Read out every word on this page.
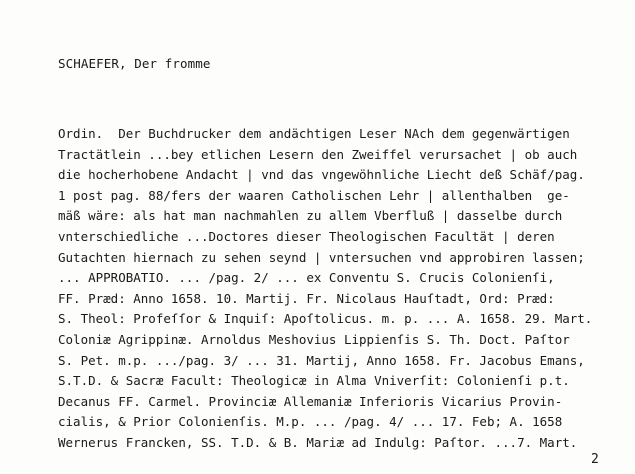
SCHAEFER, Der fromme
Ordin.  Der Buchdrucker dem andächtigen Leser NAch dem gegenwärtigen
Tractätlein ...bey etlichen Lesern den Zweiffel verursachet | ob auch
die hocherhobene Andacht | vnd das vngewöhnliche Liecht deß Schäf/pag.
1 post pag. 88/fers der waaren Catholischen Lehr | allenthalben  ge-
mäß wäre: als hat man nachmahlen zu allem Vberfluß | dasselbe durch
vnterschiedliche ...Doctores dieser Theologischen Facultät | deren
Gutachten hiernach zu sehen seynd | vntersuchen vnd approbiren lassen;
... APPROBATIO. ... /pag. 2/ ... ex Conventu S. Crucis Colonienſi,
FF. Præd: Anno 1658. 10. Martij. Fr. Nicolaus Hauſtadt, Ord: Præd:
S. Theol: Profeſſor & Inquiſ: Apoſtolicus. m. p. ... A. 1658. 29. Mart.
Coloniæ Agrippinæ. Arnoldus Meshovius Lippienſis S. Th. Doct. Paſtor
S. Pet. m.p. .../pag. 3/ ... 31. Martij, Anno 1658. Fr. Jacobus Emans,
S.T.D. & Sacræ Facult: Theologicæ in Alma Vniverſit: Colonienſi p.t.
Decanus FF. Carmel. Provinciæ Allemaniæ Inferioris Vicarius Provin-
cialis, & Prior Colonienſis. M.p. ... /pag. 4/ ... 17. Feb; A. 1658
Wernerus Francken, SS. T.D. & B. Mariæ ad Indulg: Paſtor. ...7. Mart.
2
